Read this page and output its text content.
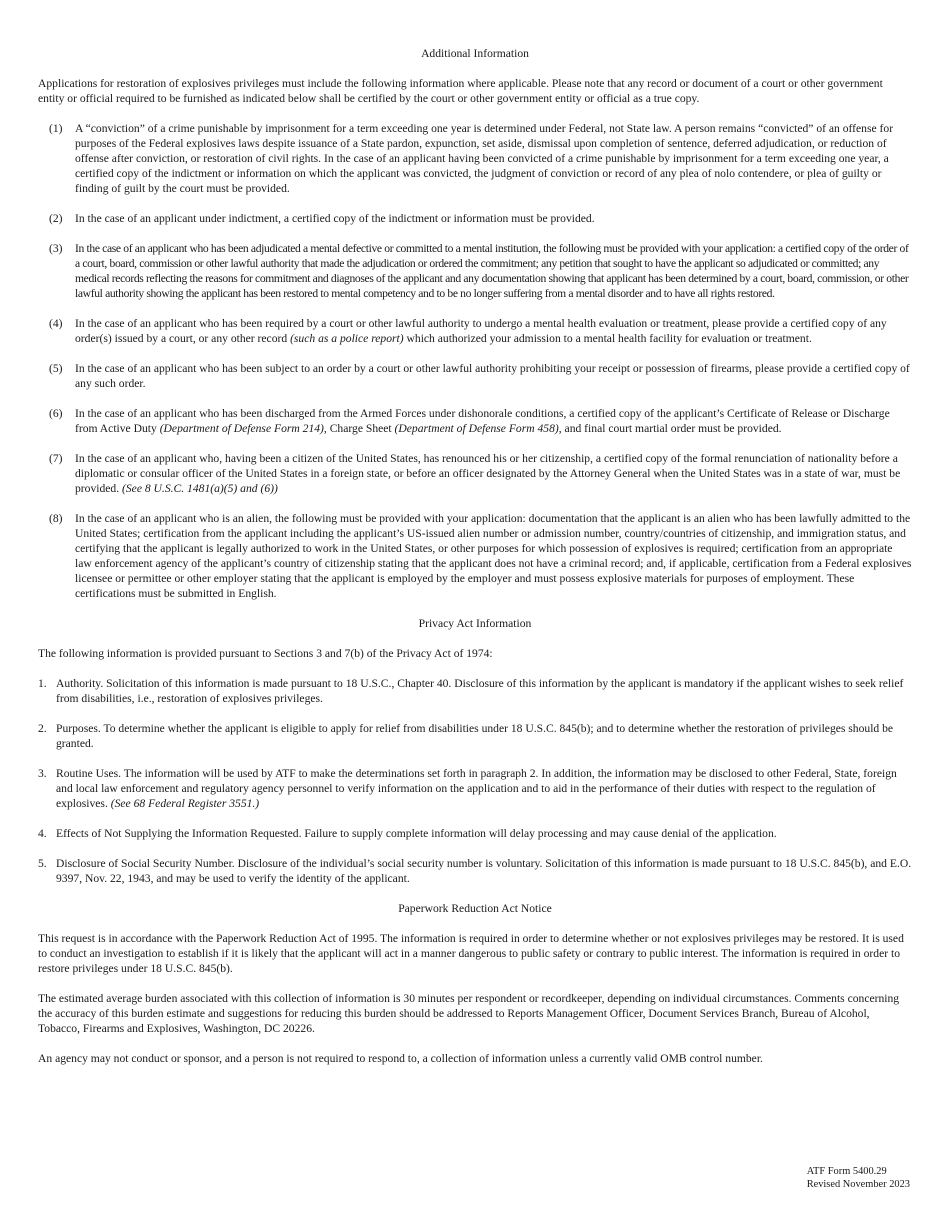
Additional Information

Applications for restoration of explosives privileges must include the following information where applicable. Please note that any record or document of a court or other government entity or official required to be furnished as indicated below shall be certified by the court or other government entity or official as a true copy.

(1)	A “conviction” of a crime punishable by imprisonment for a term exceeding one year is determined under Federal, not State law. A person remains “convicted” of an offense for purposes of the Federal explosives laws despite issuance of a State pardon, expunction, set aside, dismissal upon completion of sentence, deferred adjudication, or reduction of offense after conviction, or restoration of civil rights. In the case of an applicant having been convicted of a crime punishable by imprisonment for a term exceeding one year, a certified copy of the indictment or information on which the applicant was convicted, the judgment of conviction or record of any plea of nolo contendere, or plea of guilty or finding of guilt by the court must be provided.
(2)	In the case of an applicant under indictment, a certified copy of the indictment or information must be provided.
(3)	In the case of an applicant who has been adjudicated a mental defective or committed to a mental institution, the following must be provided with your application: a certified copy of the order of a court, board, commission or other lawful authority that made the adjudication or ordered the commitment; any petition that sought to have the applicant so adjudicated or committed; any medical records reflecting the reasons for commitment and diagnoses of the applicant and any documentation showing that applicant has been determined by a court, board, commission, or other lawful authority showing the applicant has been restored to mental competency and to be no longer suffering from a mental disorder and to have all rights restored.
(4)	In the case of an applicant who has been required by a court or other lawful authority to undergo a mental health evaluation or treatment, please provide a certified copy of any order(s) issued by a court, or any other record (such as a police report) which authorized your admission to a mental health facility for evaluation or treatment.
(5)	In the case of an applicant who has been subject to an order by a court or other lawful authority prohibiting your receipt or possession of firearms, please provide a certified copy of any such order.
(6)	In the case of an applicant who has been discharged from the Armed Forces under dishonorale conditions, a certified copy of the applicant’s Certificate of Release or Discharge from Active Duty (Department of Defense Form 214), Charge Sheet (Department of Defense Form 458), and final court martial order must be provided.
(7)	In the case of an applicant who, having been a citizen of the United States, has renounced his or her citizenship, a certified copy of the formal renunciation of nationality before a diplomatic or consular officer of the United States in a foreign state, or before an officer designated by the Attorney General when the United States was in a state of war, must be provided. (See 8 U.S.C. 1481(a)(5) and (6))
(8)	In the case of an applicant who is an alien, the following must be provided with your application: documentation that the applicant is an alien who has been lawfully admitted to the United States; certification from the applicant including the applicant’s US-issued alien number or admission number, country/countries of citizenship, and immigration status, and certifying that the applicant is legally authorized to work in the United States, or other purposes for which possession of explosives is required; certification from an appropriate law enforcement agency of the applicant’s country of citizenship stating that the applicant does not have a criminal record; and, if applicable, certification from a Federal explosives licensee or permittee or other employer stating that the applicant is employed by the employer and must possess explosive materials for purposes of employment. These certifications must be submitted in English.

Privacy Act Information

The following information is provided pursuant to Sections 3 and 7(b) of the Privacy Act of 1974:

1. Authority. Solicitation of this information is made pursuant to 18 U.S.C., Chapter 40. Disclosure of this information by the applicant is mandatory if the applicant wishes to seek relief from disabilities, i.e., restoration of explosives privileges.
2. Purposes. To determine whether the applicant is eligible to apply for relief from disabilities under 18 U.S.C. 845(b); and to determine whether the restoration of privileges should be granted.
3. Routine Uses. The information will be used by ATF to make the determinations set forth in paragraph 2. In addition, the information may be disclosed to other Federal, State, foreign and local law enforcement and regulatory agency personnel to verify information on the application and to aid in the performance of their duties with respect to the regulation of explosives. (See 68 Federal Register 3551.)
4. Effects of Not Supplying the Information Requested. Failure to supply complete information will delay processing and may cause denial of the application.
5. Disclosure of Social Security Number. Disclosure of the individual’s social security number is voluntary. Solicitation of this information is made pursuant to 18 U.S.C. 845(b), and E.O. 9397, Nov. 22, 1943, and may be used to verify the identity of the applicant.

Paperwork Reduction Act Notice

This request is in accordance with the Paperwork Reduction Act of 1995. The information is required in order to determine whether or not explosives privileges may be restored. It is used to conduct an investigation to establish if it is likely that the applicant will act in a manner dangerous to public safety or contrary to public interest. The information is required in order to restore privileges under 18 U.S.C. 845(b).

The estimated average burden associated with this collection of information is 30 minutes per respondent or recordkeeper, depending on individual circumstances. Comments concerning the accuracy of this burden estimate and suggestions for reducing this burden should be addressed to Reports Management Officer, Document Services Branch, Bureau of Alcohol, Tobacco, Firearms and Explosives, Washington, DC 20226.

An agency may not conduct or sponsor, and a person is not required to respond to, a collection of information unless a currently valid OMB control number.

ATF Form 5400.29
Revised November 2023
